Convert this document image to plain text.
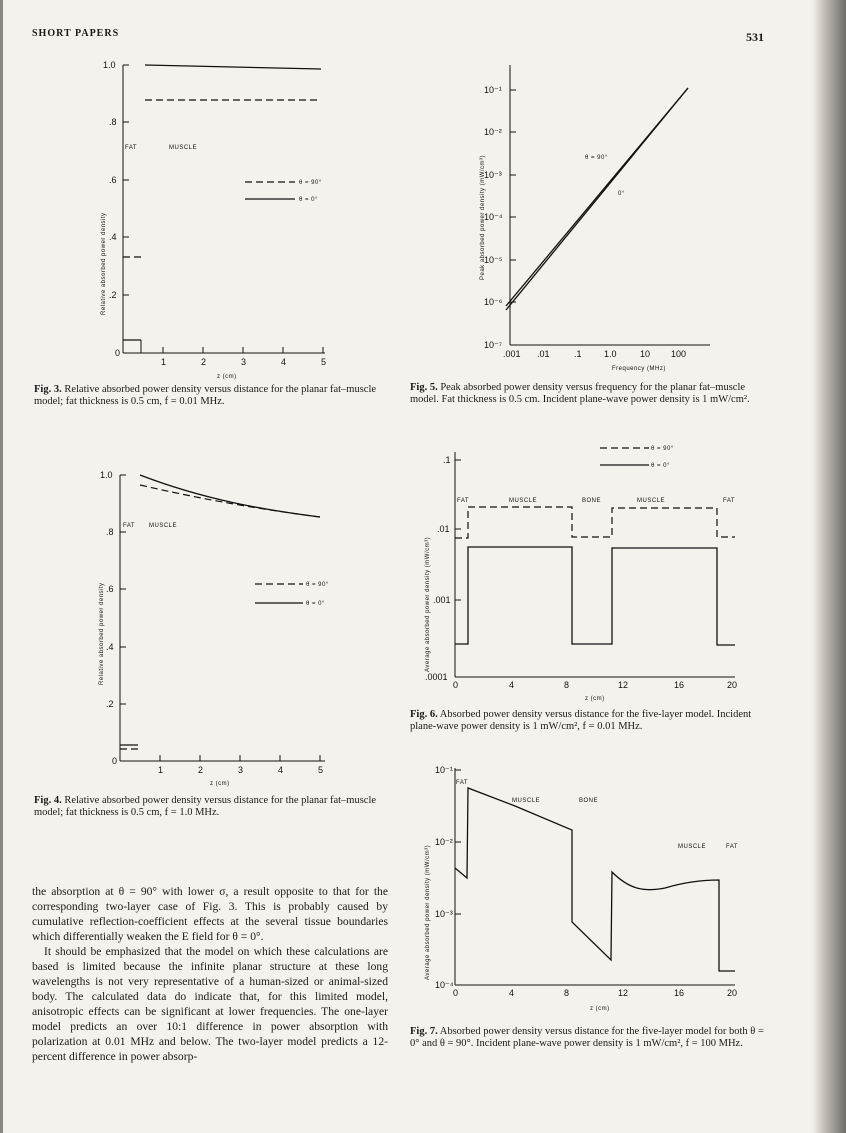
SHORT PAPERS	531
1.0
.8
.6
.4
.2
0
1	2	3	4	5
z (cm)
Relative absorbed power density
FAT	MUSCLE
θ = 90°
θ = 0°
Fig. 3. Relative absorbed power density versus distance for the planar fat–muscle model; fat thickness is 0.5 cm, f = 0.01 MHz.
1.0
.8
.6
.4
.2
0
1	2	3	4	5
z (cm)
Relative absorbed power density
FAT MUSCLE
θ = 90°
θ = 0°
Fig. 4. Relative absorbed power density versus distance for the planar fat–muscle model; fat thickness is 0.5 cm, f = 1.0 MHz.
10⁻¹
10⁻²
10⁻³
10⁻⁴
10⁻⁵
10⁻⁶
10⁻⁷
.001 .01	.1 1.0	10 100
Frequency (MHz)
Peak absorbed power density (mW/cm³)	θ = 90°
0°
Fig. 5. Peak absorbed power density versus frequency for the planar fat–muscle model. Fat thickness is 0.5 cm. Incident plane-wave power density is 1 mW/cm².
.1
.01
.001
.0001
0	4	8	12	16	20
z (cm)
Average absorbed power density (mW/cm³)
FAT	MUSCLE	BONE	MUSCLE	FAT
θ = 90°
θ = 0°
Fig. 6. Absorbed power density versus distance for the five-layer model. Incident plane-wave power density is 1 mW/cm², f = 0.01 MHz.
10⁻¹
10⁻²
10⁻³
10⁻⁴
0	4	8	12	16	20
z (cm)
Average absorbed power density (mW/cm³)
FAT
MUSCLE	BONE
MUSCLE	FAT
Fig. 7. Absorbed power density versus distance for the five-layer model for both θ = 0° and θ = 90°. Incident plane-wave power density is 1 mW/cm², f = 100 MHz.

the absorption at θ = 90° with lower σ, a result opposite to that for the corresponding two-layer case of Fig. 3. This is probably caused by cumulative reflection-coefficient effects at the several tissue boundaries which differentially weaken the E field for θ = 0°.

It should be emphasized that the model on which these calculations are based is limited because the infinite planar structure at these long wavelengths is not very representative of a human-sized or animal-sized body. The calculated data do indicate that, for this limited model, anisotropic effects can be significant at lower frequencies. The one-layer model predicts an over 10:1 difference in power absorption with polarization at 0.01 MHz and below. The two-layer model predicts a 12-percent difference in power absorp-
